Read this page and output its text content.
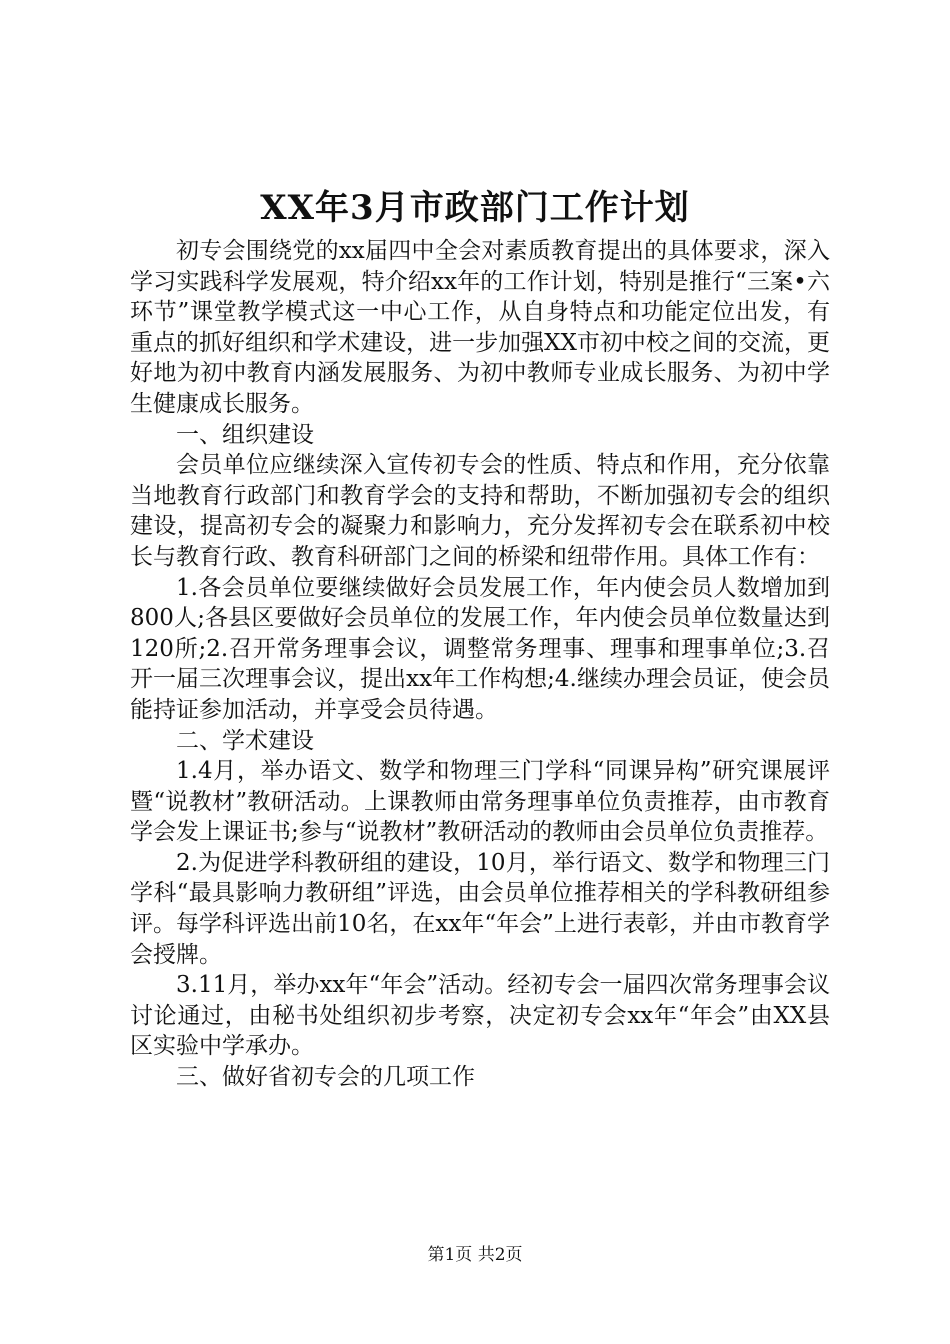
XX年3月市政部门工作计划

初专会围绕党的xx届四中全会对素质教育提出的具体要求，深入学习实践科学发展观，特介绍xx年的工作计划，特别是推行“三案•六环节”课堂教学模式这一中心工作，从自身特点和功能定位出发，有重点的抓好组织和学术建设，进一步加强XX市初中校之间的交流，更好地为初中教育内涵发展服务、为初中教师专业成长服务、为初中学生健康成长服务。

一、组织建设

会员单位应继续深入宣传初专会的性质、特点和作用，充分依靠当地教育行政部门和教育学会的支持和帮助，不断加强初专会的组织建设，提高初专会的凝聚力和影响力，充分发挥初专会在联系初中校长与教育行政、教育科研部门之间的桥梁和纽带作用。具体工作有：

1.各会员单位要继续做好会员发展工作，年内使会员人数增加到800人;各县区要做好会员单位的发展工作，年内使会员单位数量达到120所;2.召开常务理事会议，调整常务理事、理事和理事单位;3.召开一届三次理事会议，提出xx年工作构想;4.继续办理会员证，使会员能持证参加活动，并享受会员待遇。

二、学术建设

1.4月，举办语文、数学和物理三门学科“同课异构”研究课展评暨“说教材”教研活动。上课教师由常务理事单位负责推荐，由市教育学会发上课证书;参与“说教材”教研活动的教师由会员单位负责推荐。

2.为促进学科教研组的建设，10月，举行语文、数学和物理三门学科“最具影响力教研组”评选，由会员单位推荐相关的学科教研组参评。每学科评选出前10名，在xx年“年会”上进行表彰，并由市教育学会授牌。

3.11月，举办xx年“年会”活动。经初专会一届四次常务理事会议讨论通过，由秘书处组织初步考察，决定初专会xx年“年会”由XX县区实验中学承办。

三、做好省初专会的几项工作

第1页 共2页
